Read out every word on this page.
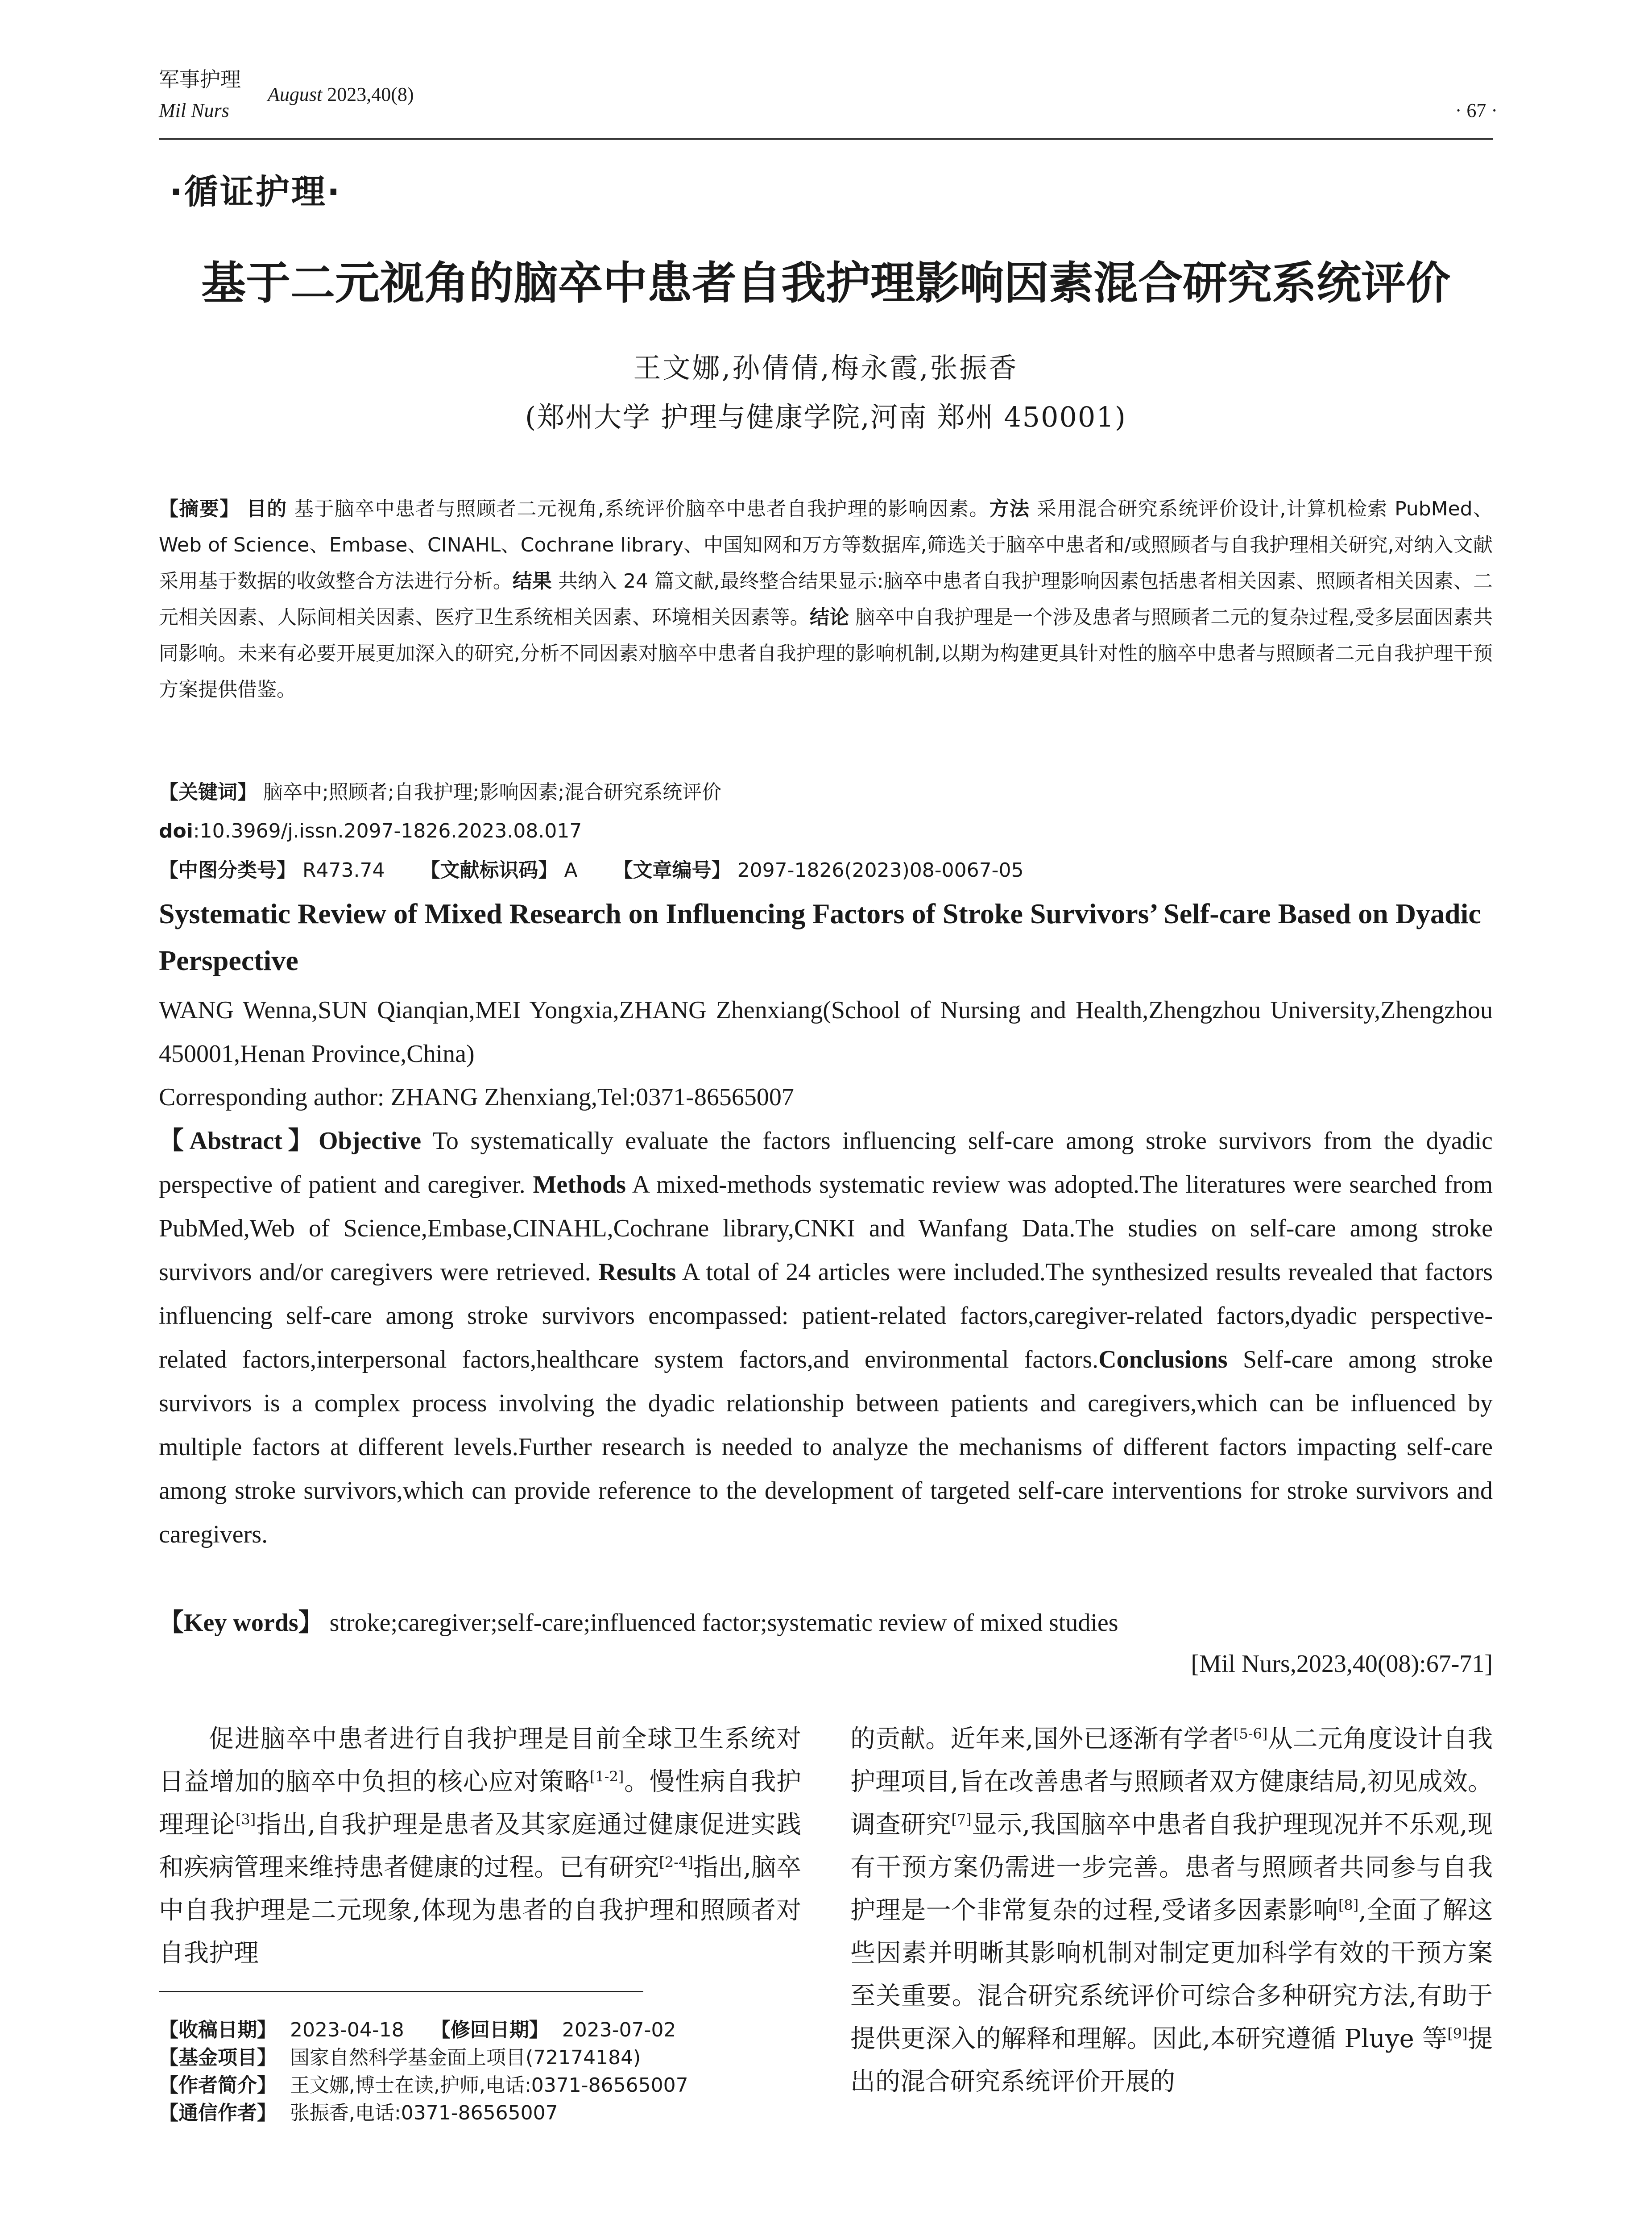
军事护理
Mil Nurs
August 2023,40(8)
· 67 ·
·循证护理·
基于二元视角的脑卒中患者自我护理影响因素混合研究系统评价
王文娜,孙倩倩,梅永霞,张振香
(郑州大学 护理与健康学院,河南 郑州 450001)
【摘要】 目的 基于脑卒中患者与照顾者二元视角,系统评价脑卒中患者自我护理的影响因素。方法 采用混合研究系统评价设计,计算机检索 PubMed、Web of Science、Embase、CINAHL、Cochrane library、中国知网和万方等数据库,筛选关于脑卒中患者和/或照顾者与自我护理相关研究,对纳入文献采用基于数据的收敛整合方法进行分析。结果 共纳入 24 篇文献,最终整合结果显示:脑卒中患者自我护理影响因素包括患者相关因素、照顾者相关因素、二元相关因素、人际间相关因素、医疗卫生系统相关因素、环境相关因素等。结论 脑卒中自我护理是一个涉及患者与照顾者二元的复杂过程,受多层面因素共同影响。未来有必要开展更加深入的研究,分析不同因素对脑卒中患者自我护理的影响机制,以期为构建更具针对性的脑卒中患者与照顾者二元自我护理干预方案提供借鉴。
【关键词】 脑卒中;照顾者;自我护理;影响因素;混合研究系统评价
doi:10.3969/j.issn.2097-1826.2023.08.017
【中图分类号】 R473.74 【文献标识码】 A 【文章编号】 2097-1826(2023)08-0067-05
Systematic Review of Mixed Research on Influencing Factors of Stroke Survivors’ Self-care Based on Dyadic Perspective
WANG Wenna,SUN Qianqian,MEI Yongxia,ZHANG Zhenxiang(School of Nursing and Health,Zhengzhou University,Zhengzhou 450001,Henan Province,China)
Corresponding author: ZHANG Zhenxiang,Tel:0371-86565007
【Abstract】Objective To systematically evaluate the factors influencing self-care among stroke survivors from the dyadic perspective of patient and caregiver. Methods A mixed-methods systematic review was adopted.The literatures were searched from PubMed,Web of Science,Embase,CINAHL,Cochrane library,CNKI and Wanfang Data.The studies on self-care among stroke survivors and/or caregivers were retrieved. Results A total of 24 articles were included.The synthesized results revealed that factors influencing self-care among stroke survivors encompassed: patient-related factors,caregiver-related factors,dyadic perspective-related factors,interpersonal factors,healthcare system factors,and environmental factors.Conclusions Self-care among stroke survivors is a complex process involving the dyadic relationship between patients and caregivers,which can be influenced by multiple factors at different levels.Further research is needed to analyze the mechanisms of different factors impacting self-care among stroke survivors,which can provide reference to the development of targeted self-care interventions for stroke survivors and caregivers.
【Key words】 stroke;caregiver;self-care;influenced factor;systematic review of mixed studies
[Mil Nurs,2023,40(08):67-71]
促进脑卒中患者进行自我护理是目前全球卫生系统对日益增加的脑卒中负担的核心应对策略[1-2]。慢性病自我护理理论[3]指出,自我护理是患者及其家庭通过健康促进实践和疾病管理来维持患者健康的过程。已有研究[2-4]指出,脑卒中自我护理是二元现象,体现为患者的自我护理和照顾者对自我护理
的贡献。近年来,国外已逐渐有学者[5-6]从二元角度设计自我护理项目,旨在改善患者与照顾者双方健康结局,初见成效。调查研究[7]显示,我国脑卒中患者自我护理现况并不乐观,现有干预方案仍需进一步完善。患者与照顾者共同参与自我护理是一个非常复杂的过程,受诸多因素影响[8],全面了解这些因素并明晰其影响机制对制定更加科学有效的干预方案至关重要。混合研究系统评价可综合多种研究方法,有助于提供更深入的解释和理解。因此,本研究遵循 Pluye 等[9]提出的混合研究系统评价开展的
【收稿日期】 2023-04-18 【修回日期】 2023-07-02
【基金项目】 国家自然科学基金面上项目(72174184)
【作者简介】 王文娜,博士在读,护师,电话:0371-86565007
【通信作者】 张振香,电话:0371-86565007
